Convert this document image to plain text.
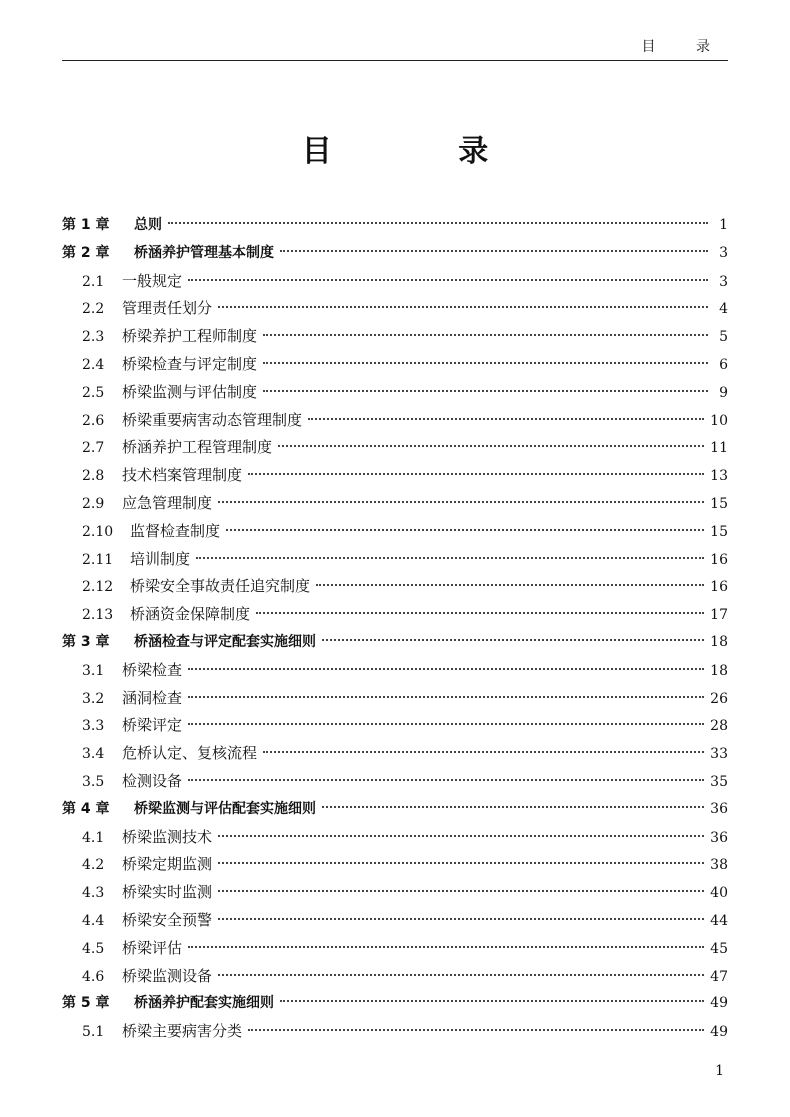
目 录
目 录
第 1 章	总则	1
第 2 章	桥涵养护管理基本制度	3
2.1	一般规定	3
2.2	管理责任划分	4
2.3	桥梁养护工程师制度	5
2.4	桥梁检查与评定制度	6
2.5	桥梁监测与评估制度	9
2.6	桥梁重要病害动态管理制度	10
2.7	桥涵养护工程管理制度	11
2.8	技术档案管理制度	13
2.9	应急管理制度	15
2.10	监督检查制度	15
2.11	培训制度	16
2.12	桥梁安全事故责任追究制度	16
2.13	桥涵资金保障制度	17
第 3 章	桥涵检查与评定配套实施细则	18
3.1	桥梁检查	18
3.2	涵洞检查	26
3.3	桥梁评定	28
3.4	危桥认定、复核流程	33
3.5	检测设备	35
第 4 章	桥梁监测与评估配套实施细则	36
4.1	桥梁监测技术	36
4.2	桥梁定期监测	38
4.3	桥梁实时监测	40
4.4	桥梁安全预警	44
4.5	桥梁评估	45
4.6	桥梁监测设备	47
第 5 章	桥涵养护配套实施细则	49
5.1	桥梁主要病害分类	49
1
